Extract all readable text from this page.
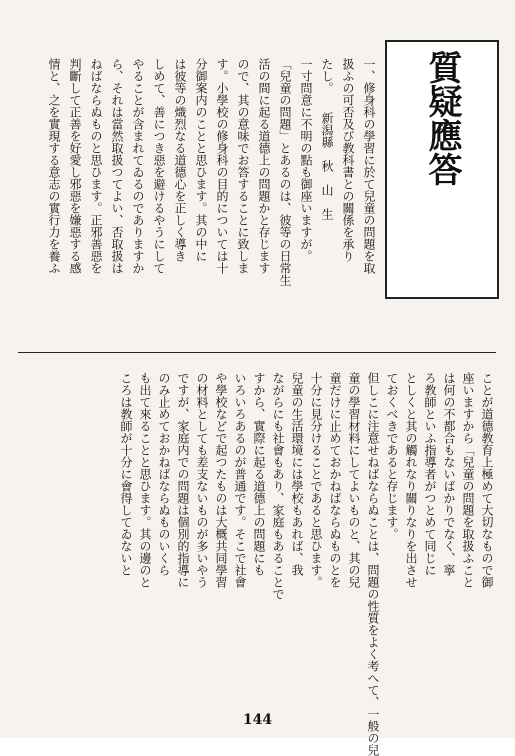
質疑應答
一、修身科の學習に於て兒童の問題を取
扱ふの可否及び教科書との關係を承り
たし。　　新潟縣　秋　山　生
一寸問意に不明の點も御座いますが。
「兒童の問題」とあるのは、彼等の日常生
活の間に起る道德上の問題かと存じます
ので、其の意味でお答することに致しま
す。小學校の修身科の目的については十
分御案内のことと思ひます。其の中に
は彼等の熾烈なる道德心を正しく導き
しめて、善につき惡を避けるやうにして
やることが含まれてゐるのでありますか
ら、それは當然取扱つてよい、否取扱は
ねばならぬものと思ひます。正邪善惡を
判斷して正善を好愛し邪惡を嫌惡する感
情と、之を實現する意志の實行力を養ふ
ことが道德教育上極めて大切なもので御
座いますから「兒童の問題を取扱ふこと
は何の不都合もないばかりでなく、寧
ろ教師といふ指導者がつとめて同じに
としくと其の觸れなり關りなりを出させ
ておくべきであると存じます。
但しこに注意せねばならぬことは、問題の性質をよく考へて、一般の兒
童の學習材料にしてよいものと、其の兒
童だけに止めておかねばならぬものとを
十分に見分けることであると思ひます。
兒童の生活環境には學校もあれば、我
ながらにも社會もあり、家庭もあることで
すから、實際に起る道德上の問題にも
いろいろあるのが普通です。そこで社會
や學校などで起つたものは大概共同學習
の材料としても差支ないものが多いやう
ですが、家庭内での問題は個別的指導に
のみ止めておかねばならぬものいくら
も出て來ることと思ひます。其の邊のと
ころは教師が十分に會得してゐないと
144
